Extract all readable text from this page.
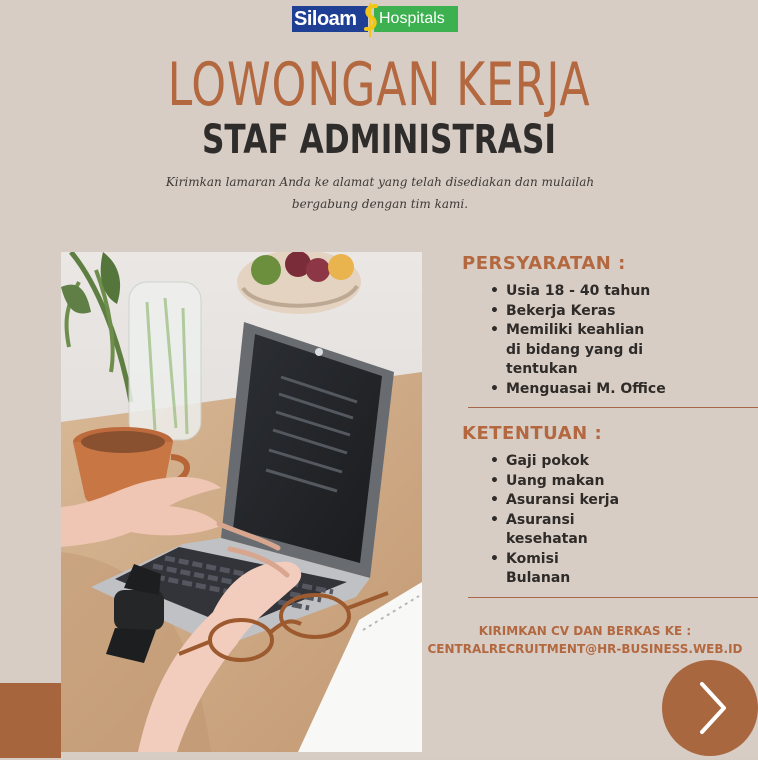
Siloam	Hospitals
LOWONGAN KERJA
STAF ADMINISTRASI
Kirimkan lamaran Anda ke alamat yang telah disediakan dan mulailah bergabung dengan tim kami.
PERSYARATAN :
• Usia 18 - 40 tahun
• Bekerja Keras
• Memiliki keahlian di bidang yang di tentukan
• Menguasai M. Office
KETENTUAN :
• Gaji pokok
• Uang makan
• Asuransi kerja
• Asuransi kesehatan
• Komisi Bulanan
KIRIMKAN CV DAN BERKAS KE :
CENTRALRECRUITMENT@HR-BUSINESS.WEB.ID
